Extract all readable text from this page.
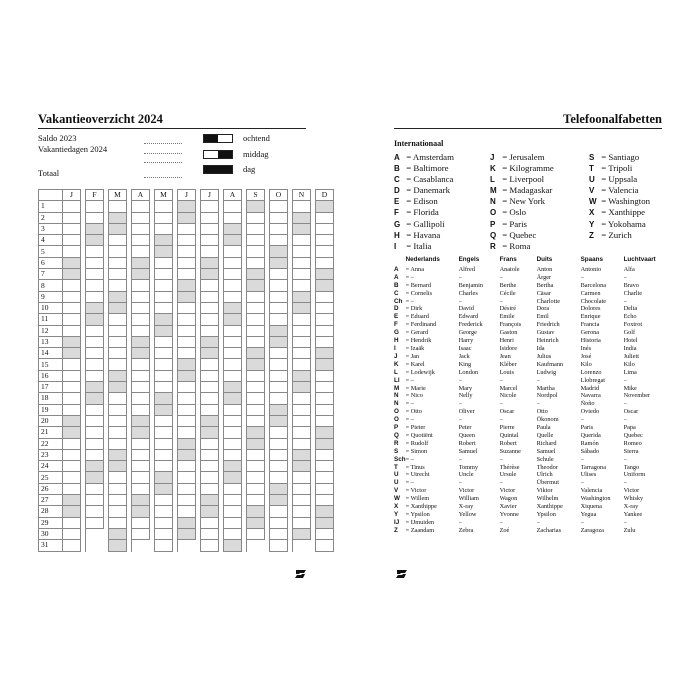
Vakantieoverzicht 2024
Saldo 2023
Vakantiedagen 2024
Totaal
ochtend
middag
dag
	J		F		M		A		M		J		J		A		S		O		N		D
1																							
2																							
3																							
4																							
5																							
6																							
7																							
8																							
9																							
10																							
11																							
12																							
13																							
14																							
15																							
16																							
17																							
18																							
19																							
20																							
21																							
22																							
23																							
24																							
25																							
26																							
27																							
28																							
29																							
30																							
31																							
Telefoonalfabetten
Internationaal
A = Amsterdam
B = Baltimore
C = Casablanca
D = Danemark
E = Edison
F = Florida
G = Gallipoli
H = Havana
I = Italia
J = Jerusalem
K = Kilogramme
L = Liverpool
M = Madagaskar
N = New York
O = Oslo
P = Paris
Q = Quebec
R = Roma
S = Santiago
T = Tripoli
U = Uppsala
V = Valencia
W = Washington
X = Xanthippe
Y = Yokohama
Z = Zurich
	Nederlands	Engels	Frans	Duits	Spaans	Luchtvaart
A	= Anna	Alfred	Anatole	Anton	Antonio	Alfa
Ä	= –	–	–	Ärger	–	–
B	= Bernard	Benjamin	Berthe	Bertha	Barcelona	Bravo
C	= Cornelis	Charles	Cécile	Cäsar	Carmen	Charlie
Ch	= –	–	–	Charlotte	Chocolate	–
D	= Dirk	David	Désiré	Dora	Dolores	Delta
E	= Eduard	Edward	Emile	Emil	Enrique	Echo
F	= Ferdinand	Frederick	François	Friedrich	Francia	Foxtrot
G	= Gerard	George	Gaston	Gustav	Gerona	Golf
H	= Hendrik	Harry	Henri	Heinrich	Historia	Hotel
I	= Izaäk	Isaac	Isidore	Ida	Inés	India
J	= Jan	Jack	Jean	Julius	José	Juliett
K	= Karel	King	Kléber	Kaufmann	Kilo	Kilo
L	= Lodewijk	London	Louis	Ludwig	Lorenzo	Lima
Ll	= –	–	–	–	Llobregat	–
M	= Marie	Mary	Marcel	Martha	Madrid	Mike
N	= Nico	Nelly	Nicole	Nordpol	Navarra	November
Ñ	= –	–	–	–	Ñoño	–
O	= Otto	Oliver	Oscar	Otto	Oviedo	Oscar
Ö	= –	–	–	Ökonom	–	–
P	= Pieter	Peter	Pierre	Paula	Paris	Papa
Q	= Quotiënt	Queen	Quintal	Quelle	Querida	Quebec
R	= Rudolf	Robert	Robert	Richard	Ramón	Romeo
S	= Simon	Samuel	Suzanne	Samuel	Sábado	Sierra
Sch	= –	–	–	Schule	–	–
T	= Tinus	Tommy	Thérèse	Theodor	Tarragona	Tango
U	= Utrecht	Uncle	Ursule	Ulrich	Ulises	Uniform
Ü	= –	–	–	Übermut	–	–
V	= Victor	Victor	Victor	Viktor	Valencia	Victor
W	= Willem	William	Wagon	Wilhelm	Washington	Whisky
X	= Xanthippe	X-ray	Xavier	Xanthippe	Xiquena	X-ray
Y	= Ypsilon	Yellow	Yvonne	Ypsilon	Yegua	Yankee
IJ	= IJmuiden	–	–	–	–	–
Z	= Zaandam	Zebra	Zoé	Zacharias	Zaragoza	Zulu
